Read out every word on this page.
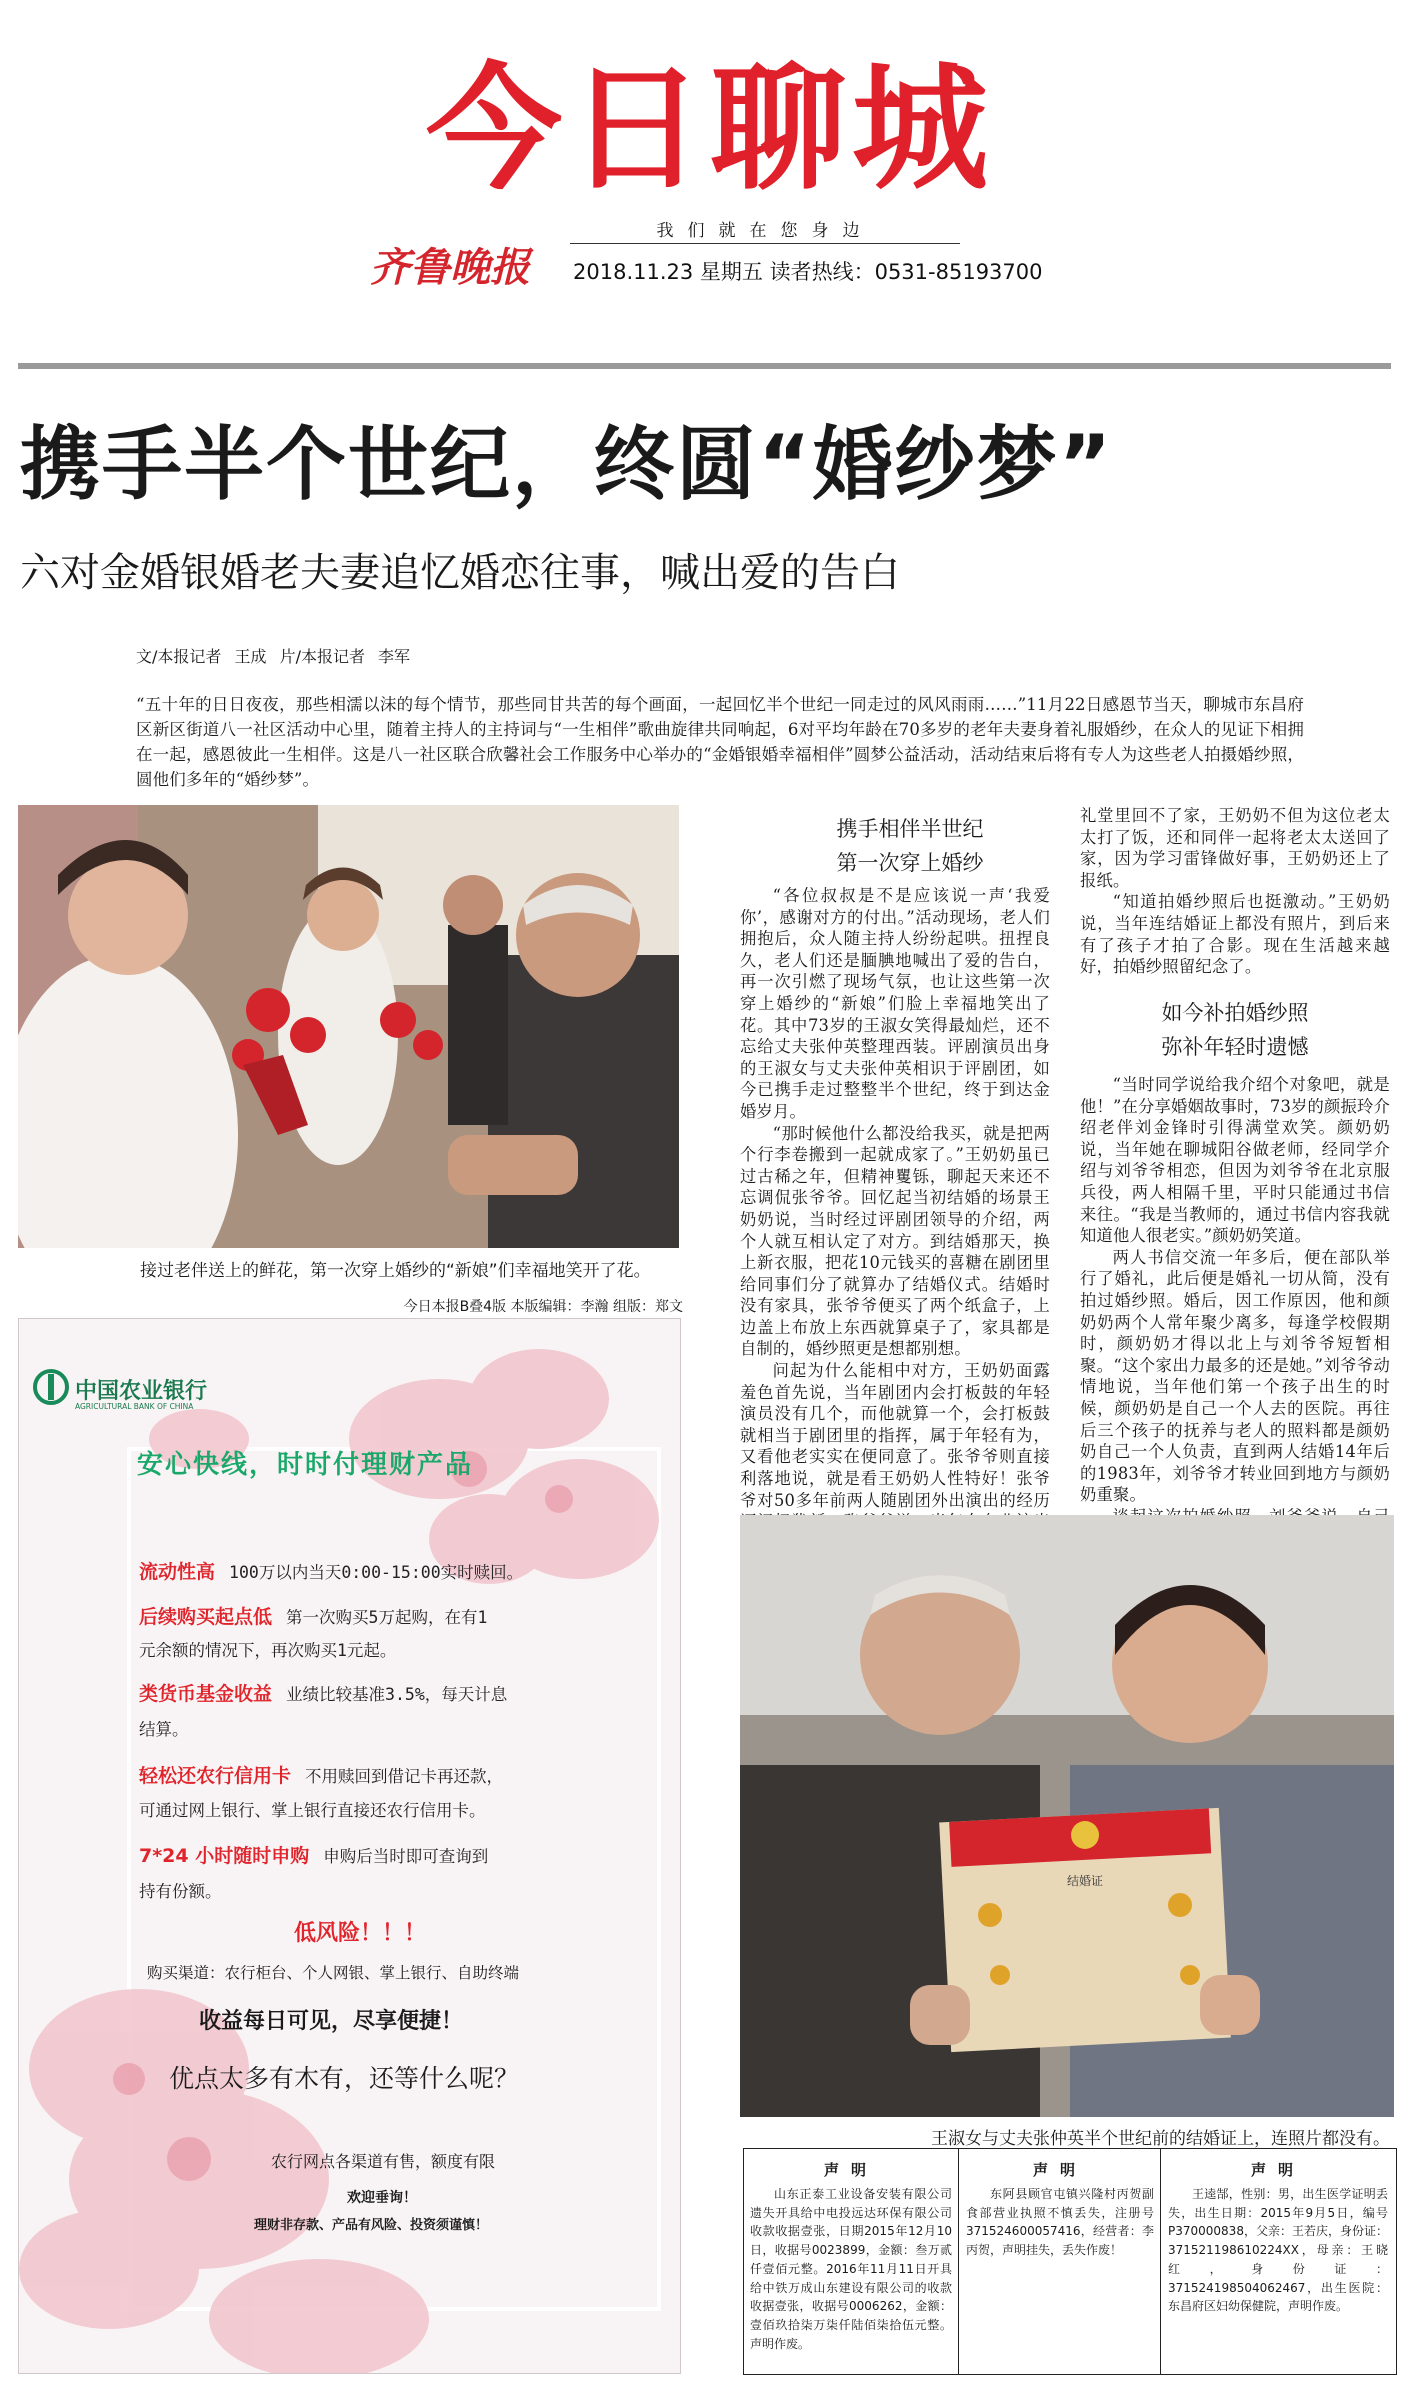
今日聊城
我们就在您身边
齐鲁晚报	2018.11.23 星期五 读者热线：0531-85193700
携手半个世纪，终圆“婚纱梦”
六对金婚银婚老夫妻追忆婚恋往事，喊出爱的告白
文/本报记者 王成 片/本报记者 李军
“五十年的日日夜夜，那些相濡以沫的每个情节，那些同甘共苦的每个画面，一起回忆半个世纪一同走过的风风雨雨……”11月22日感恩节当天，聊城市东昌府区新区街道八一社区活动中心里，随着主持人的主持词与“一生相伴”歌曲旋律共同响起，6对平均年龄在70多岁的老年夫妻身着礼服婚纱，在众人的见证下相拥在一起，感恩彼此一生相伴。这是八一社区联合欣馨社会工作服务中心举办的“金婚银婚幸福相伴”圆梦公益活动，活动结束后将有专人为这些老人拍摄婚纱照，圆他们多年的“婚纱梦”。
接过老伴送上的鲜花，第一次穿上婚纱的“新娘”们幸福地笑开了花。
今日本报B叠4版 本版编辑：李瀚 组版：郑文
中国农业银行
AGRICULTURAL BANK OF CHINA
安心快线，时时付理财产品
流动性高 100万以内当天0:00-15:00实时赎回。
后续购买起点低 第一次购买5万起购，在有1
元余额的情况下，再次购买1元起。
类货币基金收益 业绩比较基准3.5%，每天计息
结算。
轻松还农行信用卡 不用赎回到借记卡再还款，
可通过网上银行、掌上银行直接还农行信用卡。
7*24 小时随时申购 申购后当时即可查询到
持有份额。
低风险！！！
购买渠道：农行柜台、个人网银、掌上银行、自助终端
收益每日可见，尽享便捷！
优点太多有木有，还等什么呢？
农行网点各渠道有售，额度有限
欢迎垂询！
理财非存款、产品有风险、投资须谨慎！
携手相伴半世纪
第一次穿上婚纱

“各位叔叔是不是应该说一声‘我爱你’，感谢对方的付出。”活动现场，老人们拥抱后，众人随主持人纷纷起哄。扭捏良久，老人们还是腼腆地喊出了爱的告白，再一次引燃了现场气氛，也让这些第一次穿上婚纱的“新娘”们脸上幸福地笑出了花。其中73岁的王淑女笑得最灿烂，还不忘给丈夫张仲英整理西装。评剧演员出身的王淑女与丈夫张仲英相识于评剧团，如今已携手走过整整半个世纪，终于到达金婚岁月。

“那时候他什么都没给我买，就是把两个行李卷搬到一起就成家了。”王奶奶虽已过古稀之年，但精神矍铄，聊起天来还不忘调侃张爷爷。回忆起当初结婚的场景王奶奶说，当时经过评剧团领导的介绍，两个人就互相认定了对方。到结婚那天，换上新衣服，把花10元钱买的喜糖在剧团里给同事们分了就算办了结婚仪式。结婚时没有家具，张爷爷便买了两个纸盒子，上边盖上布放上东西就算桌子了，家具都是自制的，婚纱照更是想都别想。

问起为什么能相中对方，王奶奶面露羞色首先说，当年剧团内会打板鼓的年轻演员没有几个，而他就算一个，会打板鼓就相当于剧团里的指挥，属于年轻有为，又看他老实实在便同意了。张爷爷则直接利落地说，就是看王奶奶人性特好！张爷爷对50多年前两人随剧团外出演出的经历

礼堂里回不了家，王奶奶不但为这位老太太打了饭，还和同伴一起将老太太送回了家，因为学习雷锋做好事，王奶奶还上了报纸。

“知道拍婚纱照后也挺激动。”王奶奶说，当年连结婚证上都没有照片，到后来有了孩子才拍了合影。现在生活越来越好，拍婚纱照留纪念了。

如今补拍婚纱照
弥补年轻时遗憾

“当时同学说给我介绍个对象吧，就是他！”在分享婚姻故事时，73岁的颜振玲介绍老伴刘金锋时引得满堂欢笑。颜奶奶说，当年她在聊城阳谷做老师，经同学介绍与刘爷爷相恋，但因为刘爷爷在北京服兵役，两人相隔千里，平时只能通过书信来往。“我是当教师的，通过书信内容我就知道他人很老实。”颜奶奶笑道。

两人书信交流一年多后，便在部队举行了婚礼，此后便是婚礼一切从简，没有拍过婚纱照。婚后，因工作原因，他和颜奶奶两个人常年聚少离多，每逢学校假期时，颜奶奶才得以北上与刘爷爷短暂相聚。“这个家出力最多的还是她。”刘爷爷动情地说，当年他们第一个孩子出生的时候，颜奶奶是自己一个人去的医院。再往后三个孩子的抚养与老人的照料都是颜奶奶自己一个人负责，直到两人结婚14年后的1983年，刘爷爷才转业回到地方与颜奶奶重聚。

结婚证
王淑女与丈夫张仲英半个世纪前的结婚证上，连照片都没有。
声明
山东正泰工业设备安装有限公司遗失开具给中电投远达环保有限公司收款收据壹张，日期2015年12月10日，收据号0023899，金额：叁万贰仟壹佰元整。2016年11月11日开具给中铁万成山东建设有限公司的收款收据壹张，收据号0006262，金额：壹佰玖拾柒万柒仟陆佰柒拾伍元整。声明作废。
声明
东阿县顾官屯镇兴隆村丙贺副食部营业执照不慎丢失，注册号371524600057416，经营者：李丙贺，声明挂失，丢失作废！
声明
王逵郜，性别：男，出生医学证明丢失，出生日期：2015年9月5日，编号P370000838，父亲：王若庆，身份证：371521198610224XX，母亲：王晓红，身份证：371524198504062467，出生医院：东昌府区妇幼保健院，声明作废。
